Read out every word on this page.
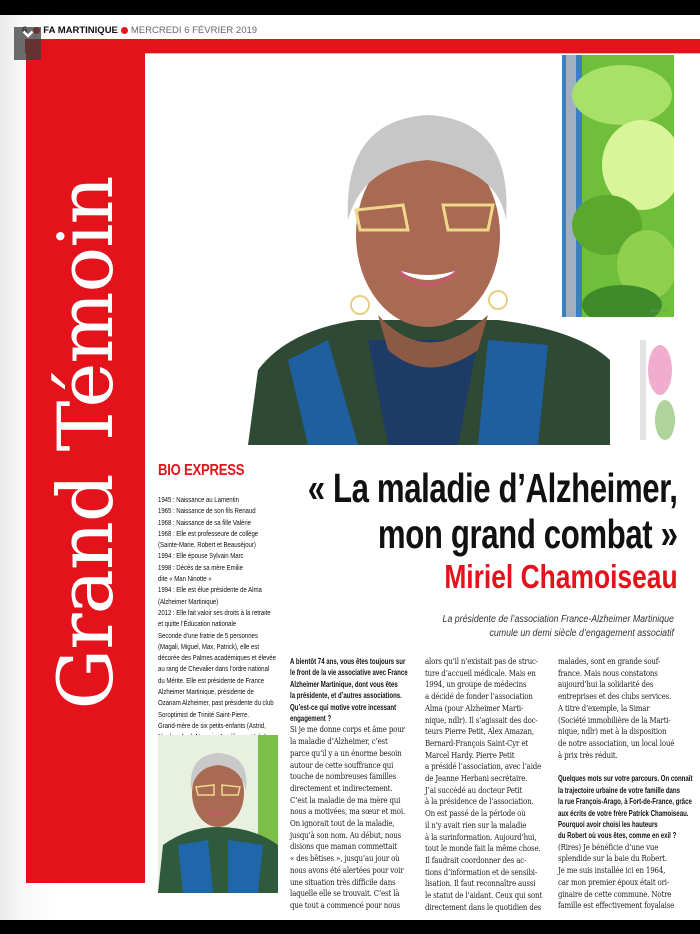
FA MARTINIQUE MERCREDI 6 FÉVRIER 2019
Grand Témoin	NFD/L.AA
BIO EXPRESS

1945 : Naissance au Lamentin

1965 : Naissance de son fils Renaud

1968 : Naissance de sa fille Valérie

1968 : Elle est professeure de collège

(Sainte-Marie, Robert et Beauséjour)

1994 : Elle épouse Sylvain Marc

1998 : Décès de sa mère Emilie

dite « Man Ninotte »

1994 : Elle est élue présidente de Alma

(Alzheimer Martinique)

2012 : Elle fait valoir ses droits à la retraite

et quitte l’Éducation nationale

Seconde d’une fratrie de 5 personnes

(Magali, Miguel, Max, Patrick), elle est

décorée des Palmes académiques et élevée

au rang de Chevalier dans l’ordre national

du Mérite. Elle est présidente de France

Alzheimer Martinique, présidente de

Ozanam Alzheimer, past présidente du club

Soroptimist de Trinité Saint-Pierre.

Grand-mère de six petits-enfants (Astrid,

« La maladie d’Alzheimer,
mon grand combat »
Miriel Chamoiseau
La présidente de l’association France-Alzheimer Martinique
cumule un demi siècle d’engagement associatif
A bientôt 74 ans, vous êtes toujours sur
le front de la vie associative avec France
Alzheimer Martinique, dont vous êtes
la présidente, et d’autres associations.
Qu’est-ce qui motive votre incessant
engagement ?
Si je me donne corps et âme pour
la maladie d’Alzheimer, c’est
parce qu’il y a un énorme besoin
autour de cette souffrance qui
touche de nombreuses familles
directement et indirectement.
C’est la maladie de ma mère qui
nous a motivées, ma sœur et moi.
On ignorait tout de la maladie,
jusqu’à son nom. Au début, nous
disions que maman commettait
« des bêtises », jusqu’au jour où
nous avons été alertées pour voir
une situation très difficile dans
laquelle elle se trouvait. C’est là
que tout a commencé pour nous
alors qu’il n’existait pas de struc-
ture d’accueil médicale. Mais en
1994, un groupe de médecins
a décidé de fonder l’association
Alma (pour Alzheimer Marti-
nique, ndlr). Il s’agissait des doc-
teurs Pierre Petit, Alex Amazan,
Bernard-François Saint-Cyr et
Marcel Hardy. Pierre Petit
a présidé l’association, avec l’aide
de Jeanne Herbani secrétaire.
J’ai succédé au docteur Petit
à la présidence de l’association.
On est passé de la période où
il n’y avait rien sur la maladie
à la surinformation. Aujourd’hui,
tout le monde fait la même chose.
Il faudrait coordonner des ac-
tions d’information et de sensibi-
lisation. Il faut reconnaître aussi
le statut de l’aidant. Ceux qui sont
directement dans le quotidien des
malades, sont en grande souf-
france. Mais nous constatons
aujourd’hui la solidarité des
entreprises et des clubs services.
A titre d’exemple, la Simar
(Société immobilière de la Marti-
nique, ndlr) met à la disposition
de notre association, un local loué
à prix très réduit.
Quelques mots sur votre parcours. On connaît
la trajectoire urbaine de votre famille dans
la rue François-Arago, à Fort-de-France, grâce
aux écrits de votre frère Patrick Chamoiseau.
Pourquoi avoir choisi les hauteurs
du Robert où vous êtes, comme en exil ?
(Rires) Je bénéficie d’une vue
splendide sur la baie du Robert.
Je me suis installée ici en 1964,
car mon premier époux était ori-
ginaire de cette commune. Notre
famille est effectivement foyalaise
